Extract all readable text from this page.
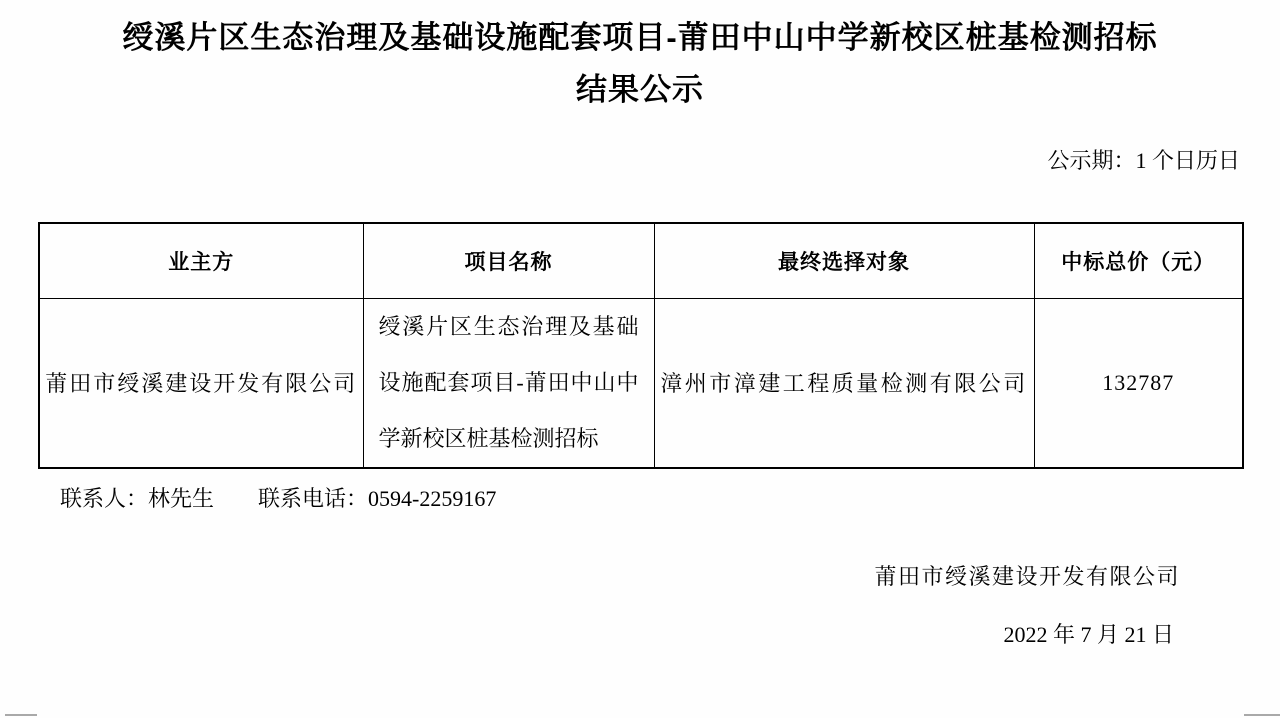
绶溪片区生态治理及基础设施配套项目-莆田中山中学新校区桩基检测招标
结果公示
公示期：1 个日历日
业主方	项目名称	最终选择对象	中标总价（元）
莆田市绶溪建设开发有限公司	绶溪片区生态治理及基础设施配套项目-莆田中山中学新校区桩基检测招标	漳州市漳建工程质量检测有限公司	132787
联系人：林先生　　联系电话：0594-2259167
莆田市绶溪建设开发有限公司
2022 年 7 月 21 日
